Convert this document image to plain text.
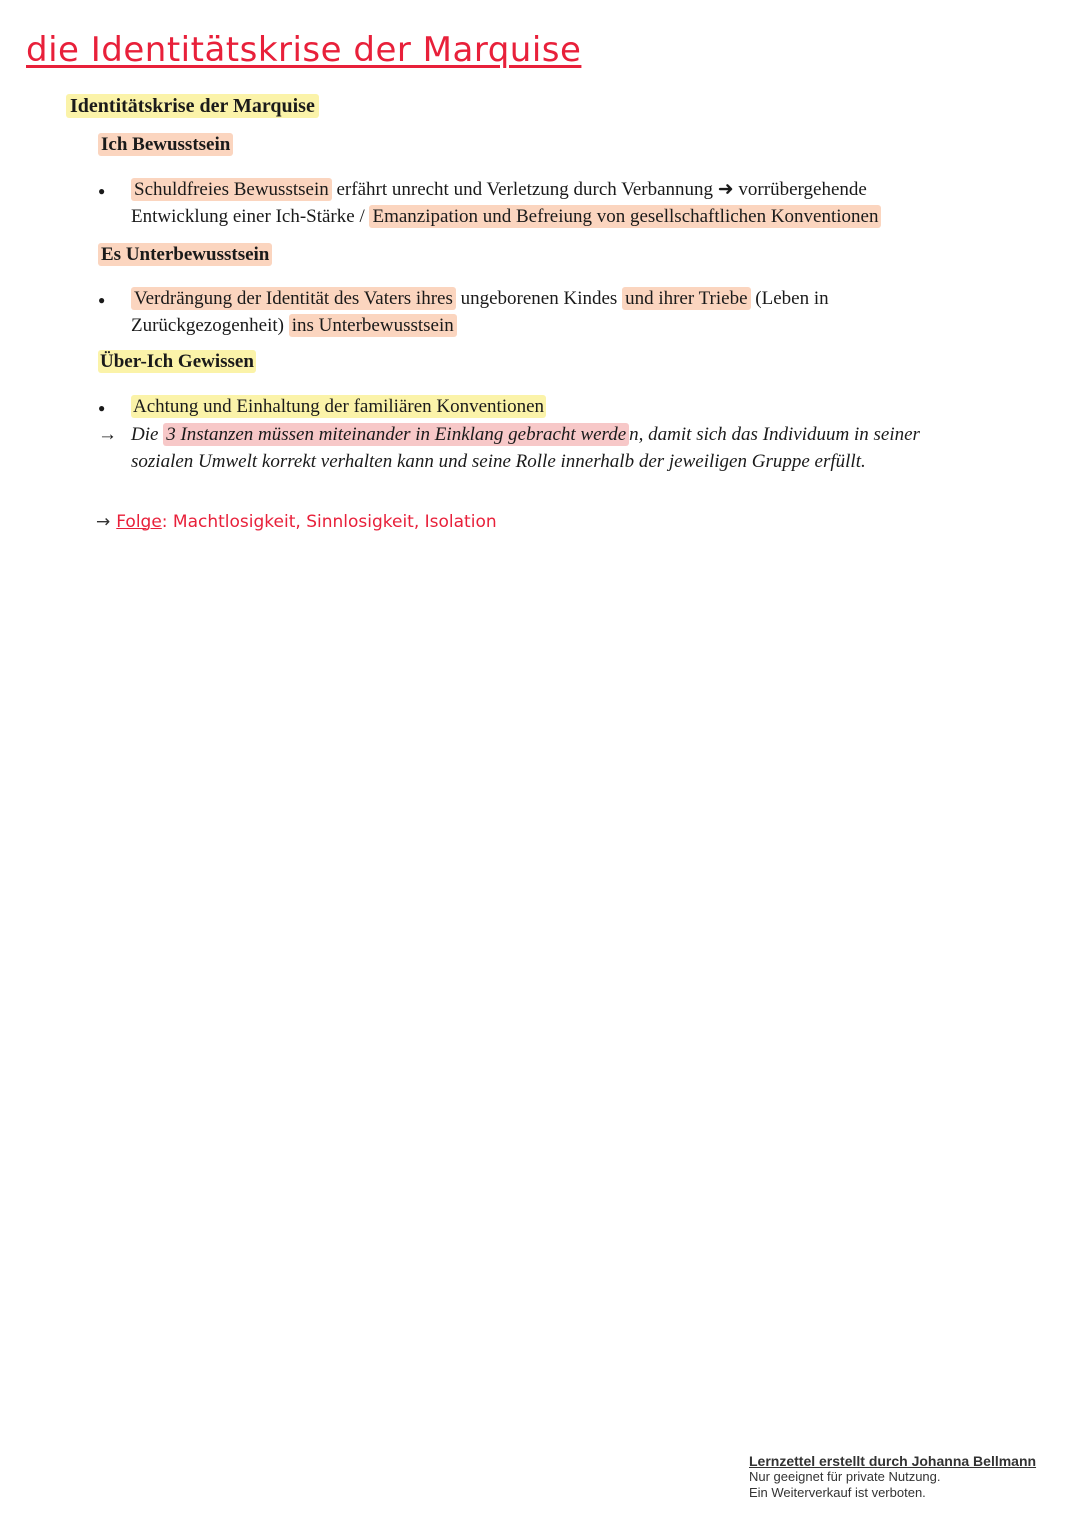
die Identitätskrise der Marquise
Identitätskrise der Marquise
Ich Bewusstsein
●	Schuldfreies Bewusstsein erfährt unrecht und Verletzung durch Verbannung ➜ vorrübergehende Entwicklung einer Ich-Stärke / Emanzipation und Befreiung von gesellschaftlichen Konventionen
Es Unterbewusstsein
●	Verdrängung der Identität des Vaters ihres ungeborenen Kindes und ihrer Triebe (Leben in Zurückgezogenheit) ins Unterbewusstsein
Über-Ich Gewissen
●	Achtung und Einhaltung der familiären Konventionen
→ Die 3 Instanzen müssen miteinander in Einklang gebracht werde n, damit sich das Individuum in seiner sozialen Umwelt korrekt verhalten kann und seine Rolle innerhalb der jeweiligen Gruppe erfüllt.
→ Folge: Machtlosigkeit, Sinnlosigkeit, Isolation
Lernzettel erstellt durch Johanna Bellmann
Nur geeignet für private Nutzung.
Ein Weiterverkauf ist verboten.
